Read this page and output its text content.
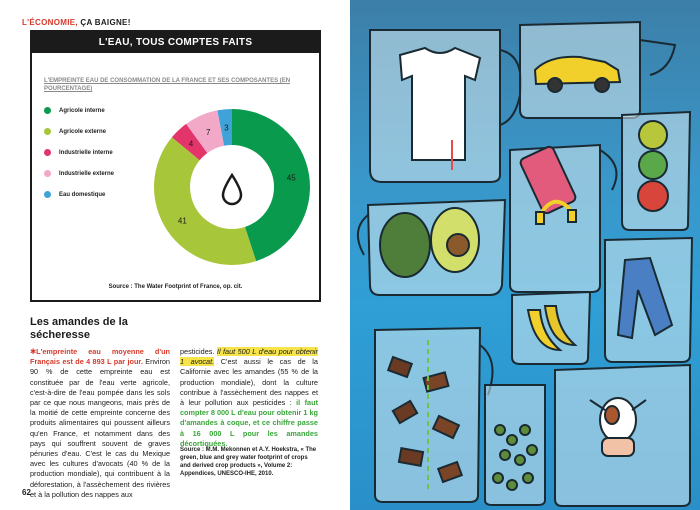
L'ÉCONOMIE, ÇA BAIGNE!
L'EAU, TOUS COMPTES FAITS
L'EMPREINTE EAU DE CONSOMMATION DE LA FRANCE ET SES COMPOSANTES (EN POURCENTAGE)
Agricole interne
Agricole externe
Industrielle interne
Industrielle externe
Eau domestique
45
41
4
7
3
Source : The Water Footprint of France, op. cit.
Les amandes de la sécheresse
✱L'empreinte eau moyenne d'un Français est de 4 893 L par jour. Environ 90 % de cette empreinte eau est constituée par de l'eau verte agricole, c'est-à-dire de l'eau pompée dans les sols par ce que nous mangeons, mais près de la moitié de cette empreinte concerne des produits alimentaires qui poussent ailleurs qu'en France, et notamment dans des pays qui souffrent souvent de graves pénuries d'eau. C'est le cas du Mexique avec les cultures d'avocats (40 % de la production mondiale), qui contribuent à la déforestation, à l'assèchement des rivières et à la pollution des nappes aux
pesticides. Il faut 500 L d'eau pour obtenir 1 avocat. C'est aussi le cas de la Californie avec les amandes (55 % de la production mondiale), dont la culture contribue à l'assèchement des nappes et à leur pollution aux pesticides : il faut compter 8 000 L d'eau pour obtenir 1 kg d'amandes à coque, et ce chiffre passe à 16 000 L pour les amandes décortiquées.
Source : M.M. Mekonnen et A.Y. Hoekstra, « The green, blue and grey water footprint of crops and derived crop products », Volume 2: Appendices, UNESCO-IHE, 2010.
62
